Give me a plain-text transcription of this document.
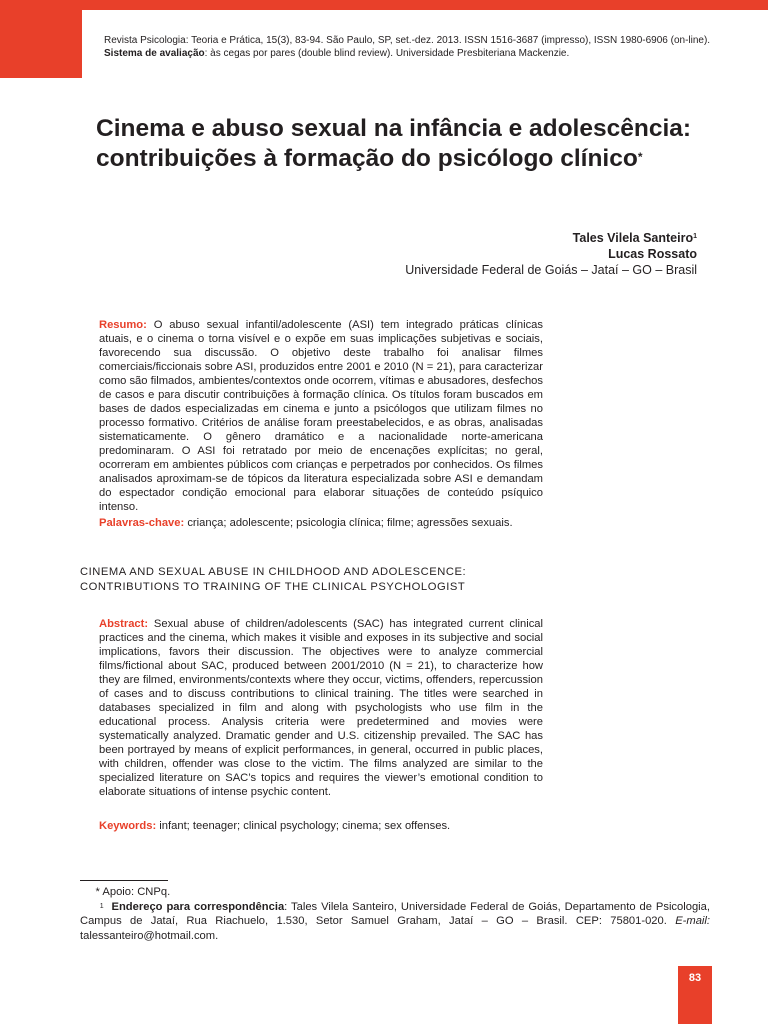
Revista Psicologia: Teoria e Prática, 15(3), 83-94. São Paulo, SP, set.-dez. 2013. ISSN 1516-3687 (impresso), ISSN 1980-6906 (on-line).
Sistema de avaliação: às cegas por pares (double blind review). Universidade Presbiteriana Mackenzie.
Cinema e abuso sexual na infância e adolescência: contribuições à formação do psicólogo clínico*
Tales Vilela Santeiro$^1$
Lucas Rossato
Universidade Federal de Goiás – Jataí – GO – Brasil

Resumo: O abuso sexual infantil/adolescente (ASI) tem integrado práticas clínicas atuais, e o cinema o torna visível e o expõe em suas implicações subjetivas e sociais, favorecendo sua discussão. O objetivo deste trabalho foi analisar filmes comerciais/ficcionais sobre ASI, produzidos entre 2001 e 2010 (N = 21), para caracterizar como são filmados, ambientes/contextos onde ocorrem, vítimas e abusadores, desfechos de casos e para discutir contribuições à formação clínica. Os títulos foram buscados em bases de dados especializadas em cinema e junto a psicólogos que utilizam filmes no processo formativo. Critérios de análise foram preestabelecidos, e as obras, analisadas sistematicamente. O gênero dramático e a nacionalidade norte-americana predominaram. O ASI foi retratado por meio de encenações explícitas; no geral, ocorreram em ambientes públicos com crianças e perpetrados por conhecidos. Os filmes analisados aproximam-se de tópicos da literatura especializada sobre ASI e demandam do espectador condição emocional para elaborar situações de conteúdo psíquico intenso.

Palavras-chave: criança; adolescente; psicologia clínica; filme; agressões sexuais.

CINEMA AND SEXUAL ABUSE IN CHILDHOOD AND ADOLESCENCE: CONTRIBUTIONS TO TRAINING OF THE CLINICAL PSYCHOLOGIST

Abstract: Sexual abuse of children/adolescents (SAC) has integrated current clinical practices and the cinema, which makes it visible and exposes in its subjective and social implications, favors their discussion. The objectives were to analyze commercial films/fictional about SAC, produced between 2001/2010 (N = 21), to characterize how they are filmed, environments/contexts where they occur, victims, offenders, repercussion of cases and to discuss contributions to clinical training. The titles were searched in databases specialized in film and along with psychologists who use film in the educational process. Analysis criteria were predetermined and movies were systematically analyzed. Dramatic gender and U.S. citizenship prevailed. The SAC has been portrayed by means of explicit performances, in general, occurred in public places, with children, offender was close to the victim. The films analyzed are similar to the specialized literature on SAC’s topics and requires the viewer’s emotional condition to elaborate situations of intense psychic content.

Keywords: infant; teenager; clinical psychology; cinema; sex offenses.

* Apoio: CNPq.

$^1$ Endereço para correspondência: Tales Vilela Santeiro, Universidade Federal de Goiás, Departamento de Psicologia, Campus de Jataí, Rua Riachuelo, 1.530, Setor Samuel Graham, Jataí – GO – Brasil. CEP: 75801-020. E-mail: talessanteiro@hotmail.com.

83
